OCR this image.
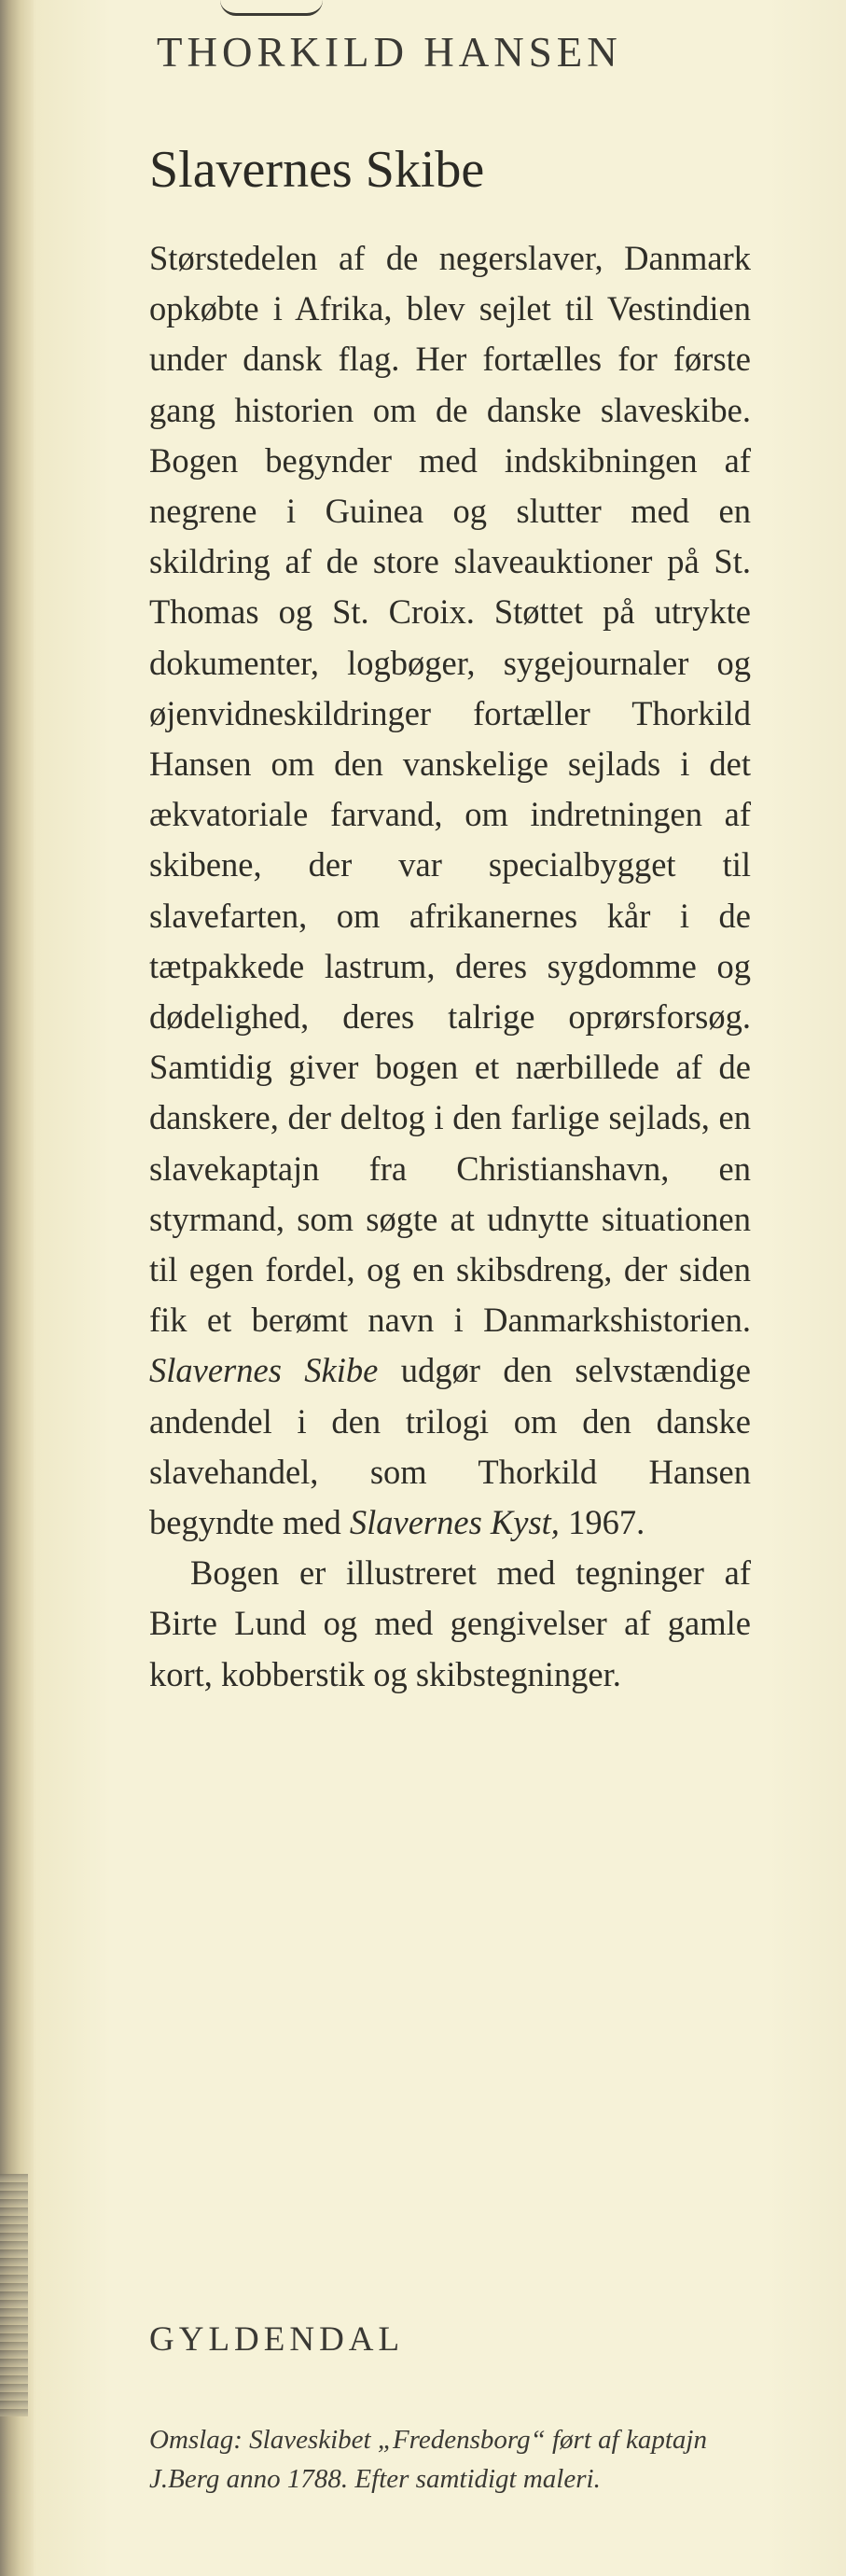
THORKILD HANSEN
Slavernes Skibe

Størstedelen af de negerslaver, Danmark opkøbte i Afrika, blev sejlet til Vestindien under dansk flag. Her fortælles for første gang historien om de danske slaveskibe. Bogen begynder med indskibningen af negrene i Guinea og slutter med en skildring af de store slaveauktioner på St. Thomas og St. Croix. Støttet på utrykte dokumenter, logbøger, sygejournaler og øjenvidneskildringer fortæller Thorkild Hansen om den vanskelige sejlads i det ækvatoriale farvand, om indretningen af skibene, der var specialbygget til slavefarten, om afrikanernes kår i de tætpakkede lastrum, deres sygdomme og dødelighed, deres talrige oprørsforsøg. Samtidig giver bogen et nærbillede af de danskere, der deltog i den farlige sejlads, en slavekaptajn fra Christianshavn, en styrmand, som søgte at udnytte situationen til egen fordel, og en skibsdreng, der siden fik et berømt navn i Danmarkshistorien. Slavernes Skibe udgør den selvstændige andendel i den trilogi om den danske slavehandel, som Thorkild Hansen begyndte med Slavernes Kyst, 1967.

Bogen er illustreret med tegninger af Birte Lund og med gengivelser af gamle kort, kobberstik og skibstegninger.

GYLDENDAL
Omslag: Slaveskibet „Fredensborg“ ført af kaptajn J.Berg anno 1788. Efter samtidigt maleri.
